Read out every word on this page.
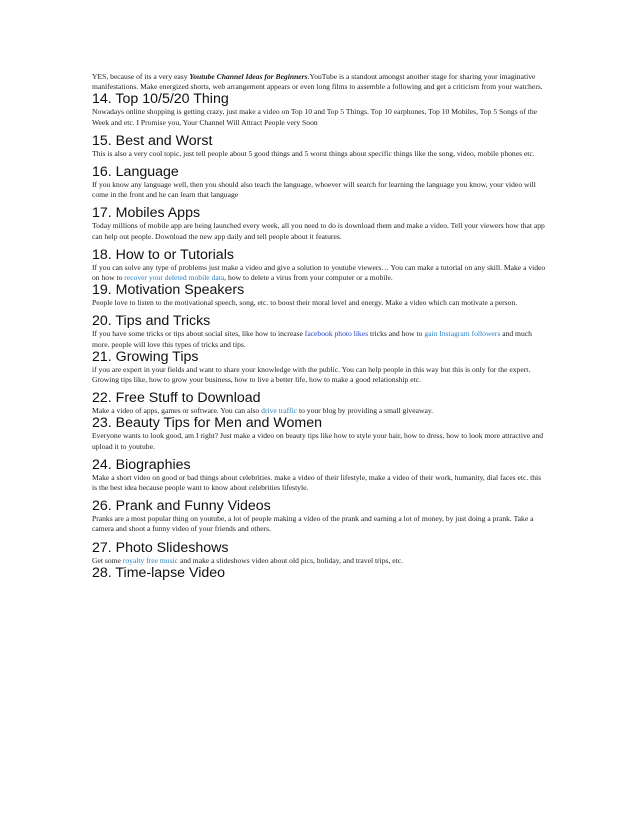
YES, because of its a very easy Youtube Channel Ideas for Beginners.YouTube is a standout amongst another stage for sharing your imaginative manifestations. Make energized shorts, web arrangement appears or even long films to assemble a following and get a criticism from your watchers.

14. Top 10/5/20 Thing

Nowadays online shopping is getting crazy, just make a video on Top 10 and Top 5 Things. Top 10 earphones, Top 10 Mobiles, Top 5 Songs of the Week and etc. I Promise you, Your Channel Will Attract People very Soon

15. Best and Worst

This is also a very cool topic, just tell people about 5 good things and 5 worst things about specific things like the song, video, mobile phones etc.

16. Language

If you know any language well, then you should also teach the language, whoever will search for learning the language you know, your video will come in the front and he can learn that language

17. Mobiles Apps

Today millions of mobile app are being launched every week, all you need to do is download them and make a video. Tell your viewers how that app can help out people. Download the new app daily and tell people about it features.

18. How to or Tutorials

If you can solve any type of problems just make a video and give a solution to youtube viewers… You can make a tutorial on any skill. Make a video on how to recover your deleted mobile data, how to delete a virus from your computer or a mobile.

19. Motivation Speakers

People love to listen to the motivational speech, song, etc. to boost their moral level and energy. Make a video which can motivate a person.

20. Tips and Tricks

If you have some tricks or tips about social sites, like how to increase facebook photo likes tricks and how to gain Instagram followers and much more. people will love this types of tricks and tips.

21. Growing Tips

if you are expert in your fields and want to share your knowledge with the public. You can help people in this way but this is only for the expert. Growing tips like, how to grow your business, how to live a better life, how to make a good relationship etc.

22. Free Stuff to Download

Make a video of apps, games or software. You can also drive traffic to your blog by providing a small giveaway.

23. Beauty Tips for Men and Women

Everyone wants to look good, am I right? Just make a video on beauty tips like how to style your hair, how to dress, how to look more attractive and upload it to youtube.

24. Biographies

Make a short video on good or bad things about celebrities. make a video of their lifestyle, make a video of their work, humanity, dial faces etc. this is the best idea because people want to know about celebrities lifestyle.

26. Prank and Funny Videos

Pranks are a most popular thing on youtube, a lot of people making a video of the prank and earning a lot of money, by just doing a prank. Take a camera and shoot a funny video of your friends and others.

27. Photo Slideshows

Get some royalty free music and make a slideshows video about old pics, holiday, and travel trips, etc.

28. Time-lapse Video
